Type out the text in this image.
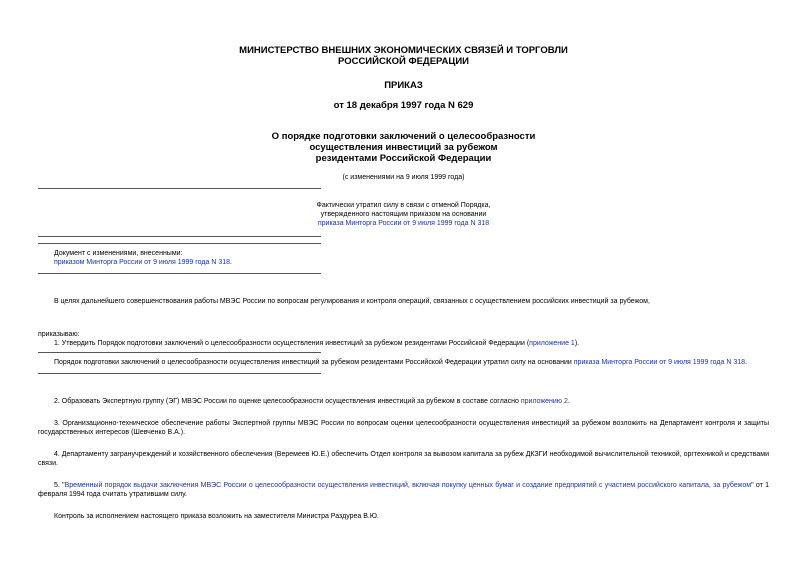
МИНИСТЕРСТВО ВНЕШНИХ ЭКОНОМИЧЕСКИХ СВЯЗЕЙ И ТОРГОВЛИ
РОССИЙСКОЙ ФЕДЕРАЦИИ
ПРИКАЗ
от 18 декабря 1997 года N 629
О порядке подготовки заключений о целесообразности
осуществления инвестиций за рубежом
резидентами Российской Федерации
(с изменениями на 9 июля 1999 года)
Фактически утратил силу в связи с отменой Порядка,
утвержденного настоящим приказом на основании
приказа Минторга России от 9 июля 1999 года N 318
Документ с изменениями, внесенными:
приказом Минторга России от 9 июля 1999 года N 318.
В целях дальнейшего совершенствования работы МВЭС России по вопросам регулирования и контроля операций, связанных с осуществлением российских инвестиций за рубежом,
приказываю:
1. Утвердить Порядок подготовки заключений о целесообразности осуществления инвестиций за рубежом резидентами Российской Федерации (приложение 1).
Порядок подготовки заключений о целесообразности осуществления инвестиций за рубежом резидентами Российской Федерации утратил силу на основании приказа Минторга России от 9 июля 1999 года N 318.
2. Образовать Экспертную группу (ЭГ) МВЭС России по оценке целесообразности осуществления инвестиций за рубежом в составе согласно приложению 2.
3. Организационно-техническое обеспечение работы Экспертной группы МВЭС России по вопросам оценки целесообразности осуществления инвестиций за рубежом возложить на Департамент контроля и защиты государственных интересов (Шевченко В.А.).
4. Департаменту загранучреждений и хозяйственного обеспечения (Веремеев Ю.Е.) обеспечить Отдел контроля за вывозом капитала за рубеж ДКЗГИ необходимой вычислительной техникой, оргтехникой и средствами связи.
5. "Временный порядок выдачи заключения МВЭС России о целесообразности осуществления инвестиций, включая покупку ценных бумаг и создание предприятий с участием российского капитала, за рубежом" от 1 февраля 1994 года считать утратившим силу.
Контроль за исполнением настоящего приказа возложить на заместителя Министра Раздуреа В.Ю.
